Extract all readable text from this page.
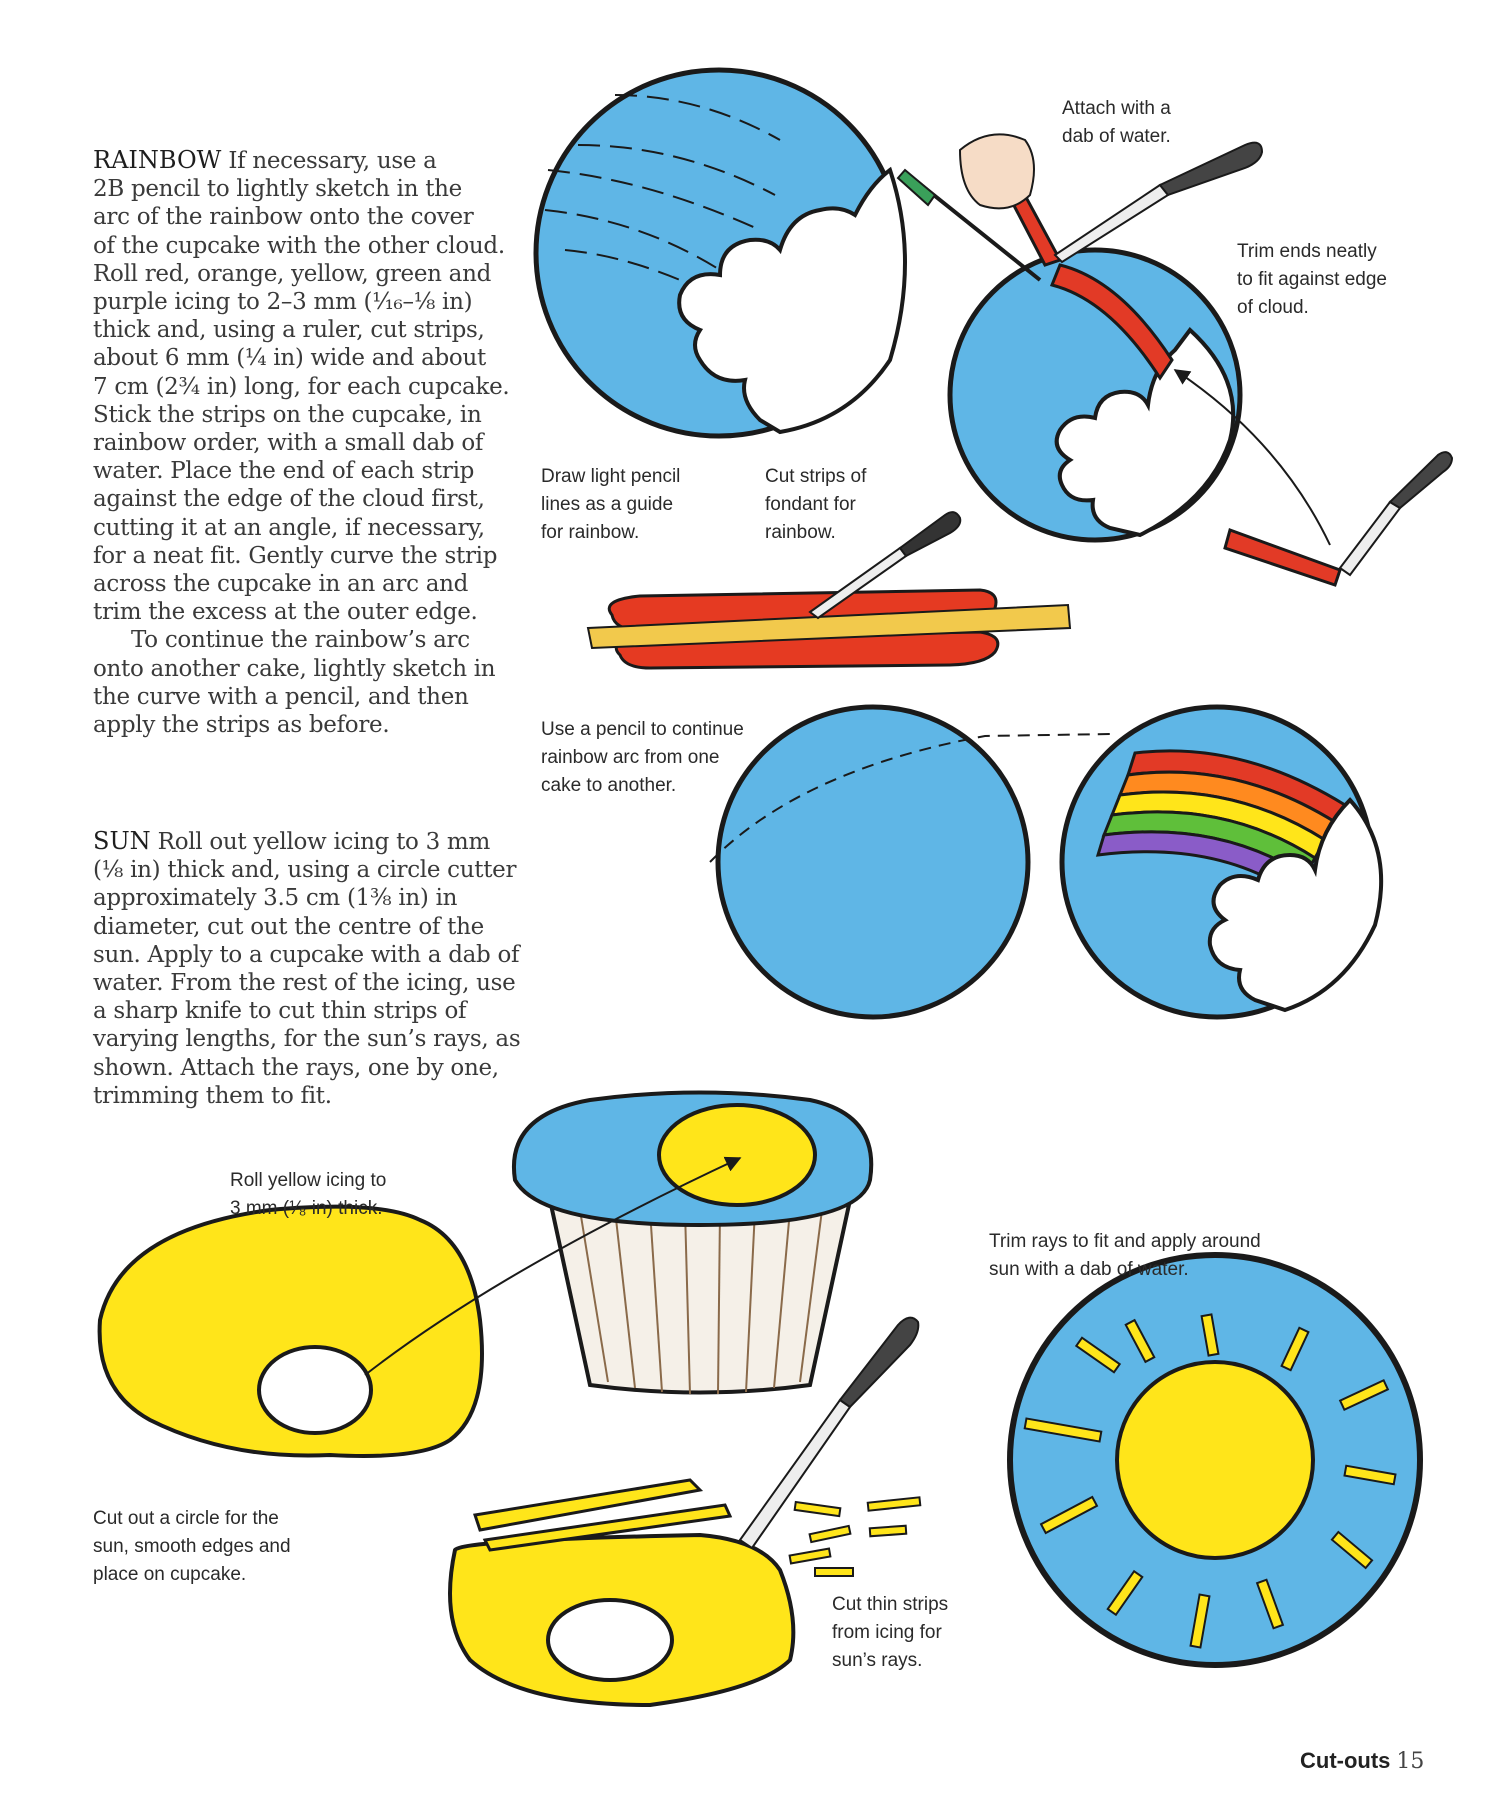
RAINBOW If necessary, use a
2B pencil to lightly sketch in the
arc of the rainbow onto the cover
of the cupcake with the other cloud.
Roll red, orange, yellow, green and
purple icing to 2–3 mm (¹⁄₁₆–¹⁄₈ in)
thick and, using a ruler, cut strips,
about 6 mm (¹⁄₄ in) wide and about
7 cm (2³⁄₄ in) long, for each cupcake.
Stick the strips on the cupcake, in
rainbow order, with a small dab of
water. Place the end of each strip
against the edge of the cloud first,
cutting it at an angle, if necessary,
for a neat fit. Gently curve the strip
across the cupcake in an arc and
trim the excess at the outer edge.
To continue the rainbow’s arc
onto another cake, lightly sketch in
the curve with a pencil, and then
apply the strips as before.
SUN Roll out yellow icing to 3 mm
(¹⁄₈ in) thick and, using a circle cutter
approximately 3.5 cm (1³⁄₈ in) in
diameter, cut out the centre of the
sun. Apply to a cupcake with a dab of
water. From the rest of the icing, use
a sharp knife to cut thin strips of
varying lengths, for the sun’s rays, as
shown. Attach the rays, one by one,
trimming them to fit.
Attach with a
dab of water.
Trim ends neatly
to fit against edge
of cloud.
Draw light pencil
lines as a guide
for rainbow.
Cut strips of
fondant for
rainbow.
Use a pencil to continue
rainbow arc from one
cake to another.
Roll yellow icing to
3 mm (¹⁄₈ in) thick.
Trim rays to fit and apply around
sun with a dab of water.
Cut out a circle for the
sun, smooth edges and
place on cupcake.
Cut thin strips
from icing for
sun’s rays.
Cut-outs 15
